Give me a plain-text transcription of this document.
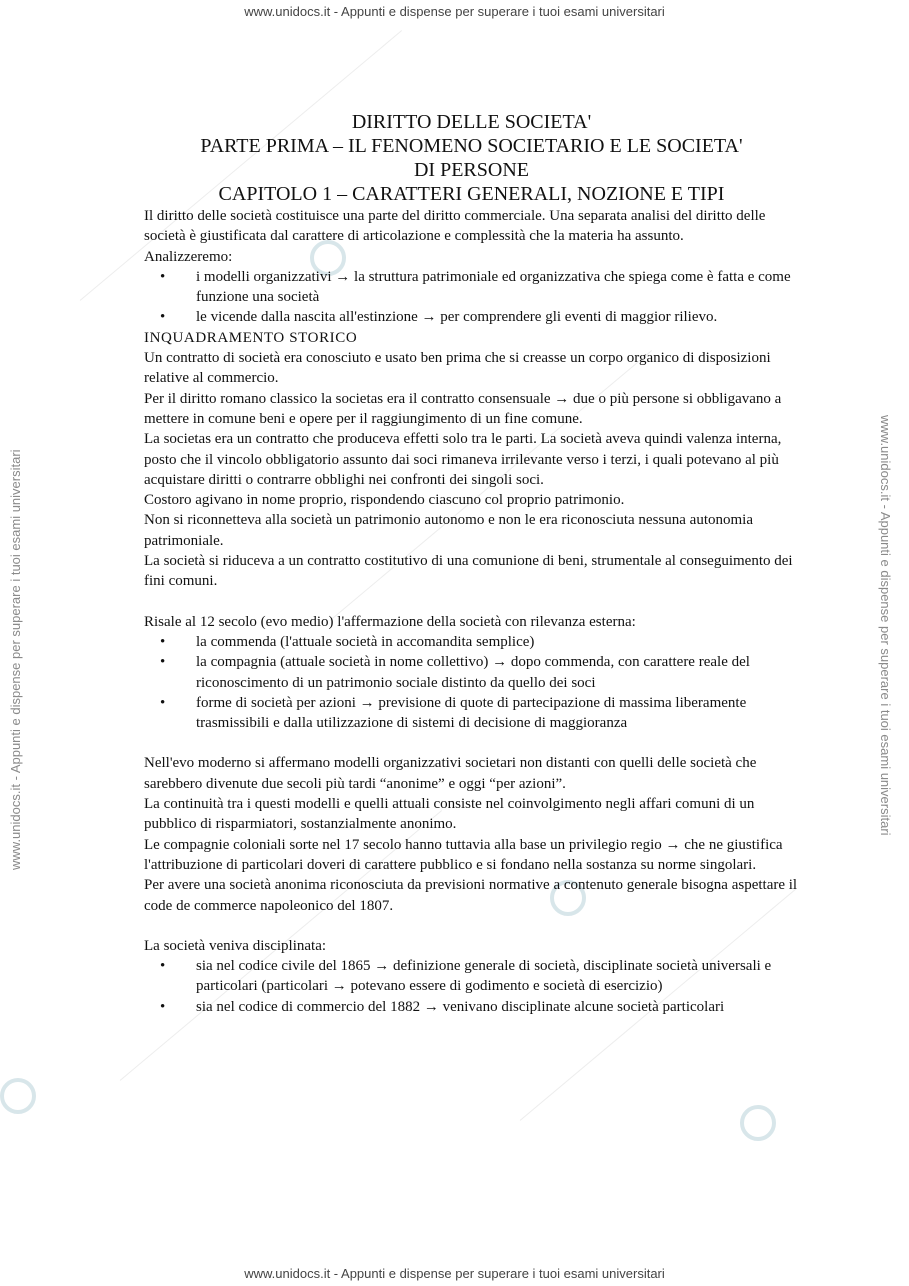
www.unidocs.it - Appunti e dispense per superare i tuoi esami universitari
www.unidocs.it - Appunti e dispense per superare i tuoi esami universitari
www.unidocs.it - Appunti e dispense per superare i tuoi esami universitari	www.unidocs.it - Appunti e dispense per superare i tuoi esami universitari
DIRITTO DELLE SOCIETA'
PARTE PRIMA – IL FENOMENO SOCIETARIO E LE SOCIETA'
DI PERSONE
CAPITOLO 1 – CARATTERI GENERALI, NOZIONE E TIPI

Il diritto delle società costituisce una parte del diritto commerciale. Una separata analisi del diritto delle società è giustificata dal carattere di articolazione e complessità che la materia ha assunto.

Analizzeremo:

• i modelli organizzativi → la struttura patrimoniale ed organizzativa che spiega come è fatta e come funzione una società
• le vicende dalla nascita all'estinzione → per comprendere gli eventi di maggior rilievo.
INQUADRAMENTO STORICO

Un contratto di società era conosciuto e usato ben prima che si creasse un corpo organico di disposizioni relative al commercio.

Per il diritto romano classico la societas era il contratto consensuale → due o più persone si obbligavano a mettere in comune beni e opere per il raggiungimento di un fine comune.

La societas era un contratto che produceva effetti solo tra le parti. La società aveva quindi valenza interna, posto che il vincolo obbligatorio assunto dai soci rimaneva irrilevante verso i terzi, i quali potevano al più acquistare diritti o contrarre obblighi nei confronti dei singoli soci.

Costoro agivano in nome proprio, rispondendo ciascuno col proprio patrimonio.

Non si riconnetteva alla società un patrimonio autonomo e non le era riconosciuta nessuna autonomia patrimoniale.

La società si riduceva a un contratto costitutivo di una comunione di beni, strumentale al conseguimento dei fini comuni.

Risale al 12 secolo (evo medio) l'affermazione della società con rilevanza esterna:

• la commenda (l'attuale società in accomandita semplice)
• la compagnia (attuale società in nome collettivo) → dopo commenda, con carattere reale del riconoscimento di un patrimonio sociale distinto da quello dei soci
• forme di società per azioni → previsione di quote di partecipazione di massima liberamente trasmissibili e dalla utilizzazione di sistemi di decisione di maggioranza

Nell'evo moderno si affermano modelli organizzativi societari non distanti con quelli delle società che sarebbero divenute due secoli più tardi “anonime” e oggi “per azioni”.

La continuità tra i questi modelli e quelli attuali consiste nel coinvolgimento negli affari comuni di un pubblico di risparmiatori, sostanzialmente anonimo.

Le compagnie coloniali sorte nel 17 secolo hanno tuttavia alla base un privilegio regio → che ne giustifica l'attribuzione di particolari doveri di carattere pubblico e si fondano nella sostanza su norme singolari.

Per avere una società anonima riconosciuta da previsioni normative a contenuto generale bisogna aspettare il code de commerce napoleonico del 1807.

La società veniva disciplinata:

• sia nel codice civile del 1865 → definizione generale di società, disciplinate società universali e particolari (particolari → potevano essere di godimento e società di esercizio)
• sia nel codice di commercio del 1882 → venivano disciplinate alcune società particolari
